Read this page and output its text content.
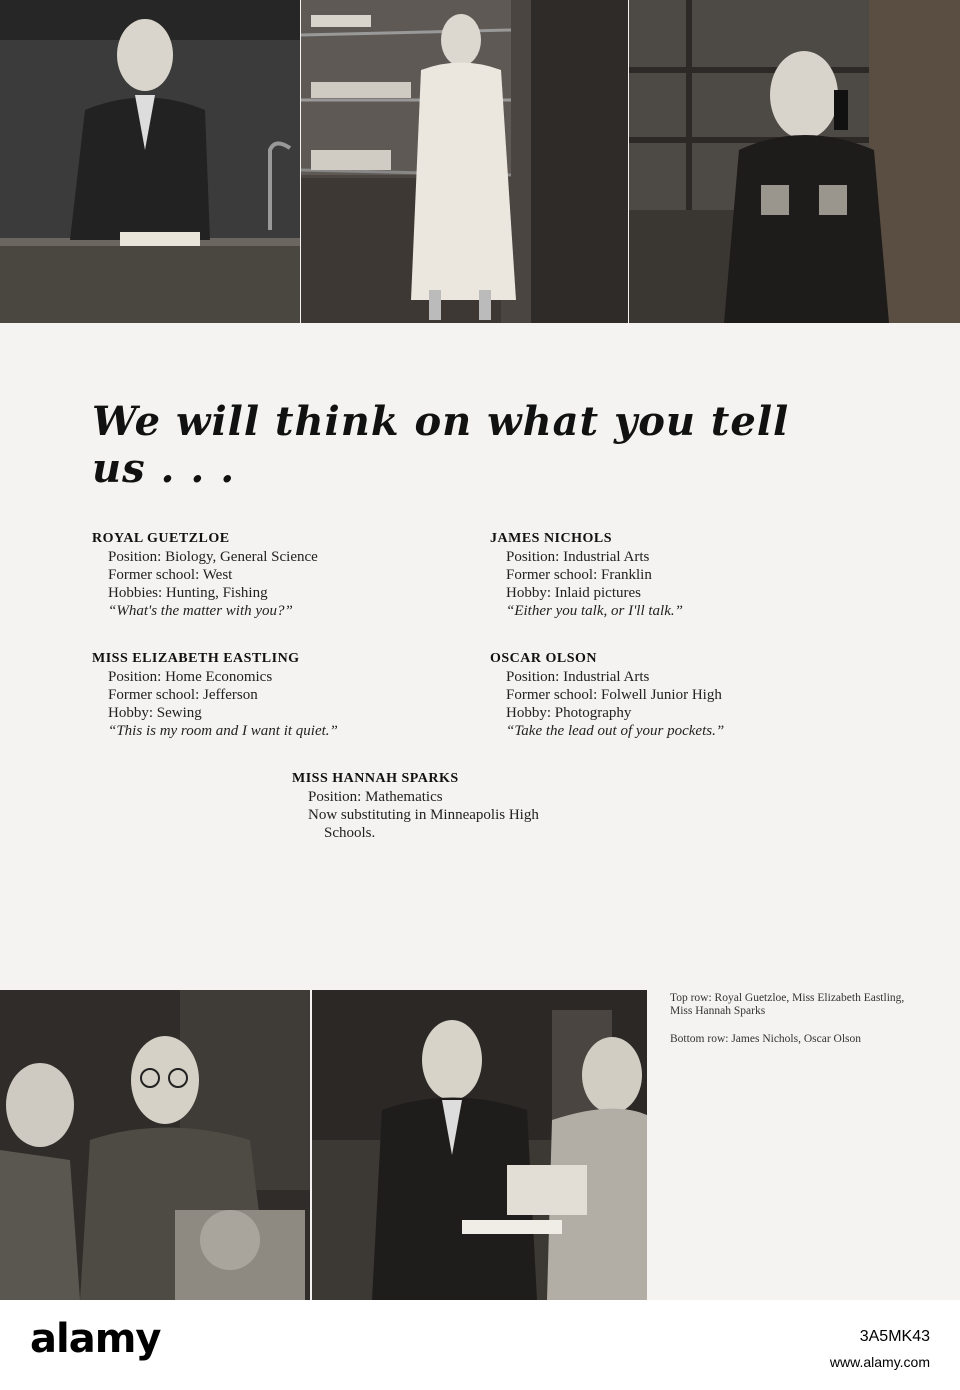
We will think on what you tell us . . .
ROYAL GUETZLOE
Position: Biology, General Science
Former school: West
Hobbies: Hunting, Fishing
“What's the matter with you?”
JAMES NICHOLS
Position: Industrial Arts
Former school: Franklin
Hobby: Inlaid pictures
“Either you talk, or I'll talk.”
MISS ELIZABETH EASTLING
Position: Home Economics
Former school: Jefferson
Hobby: Sewing
“This is my room and I want it quiet.”
OSCAR OLSON
Position: Industrial Arts
Former school: Folwell Junior High
Hobby: Photography
“Take the lead out of your pockets.”
MISS HANNAH SPARKS
Position: Mathematics
Now substituting in Minneapolis High
Schools.

Top row: Royal Guetzloe, Miss Elizabeth Eastling, Miss Hannah Sparks

Bottom row: James Nichols, Oscar Olson

alamy	3A5MK43
www.alamy.com
